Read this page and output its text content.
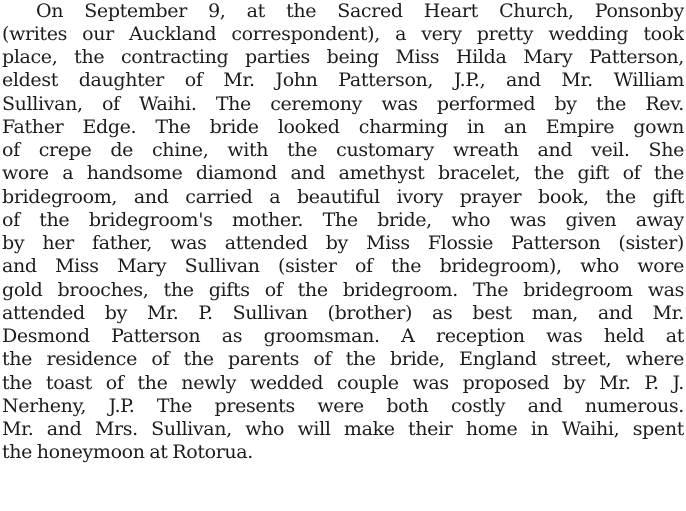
On September 9, at the Sacred Heart Church, Ponsonby
(writes our Auckland correspondent), a very pretty wedding took
place, the contracting parties being Miss Hilda Mary Patterson,
eldest daughter of Mr. John Patterson, J.P., and Mr. William
Sullivan, of Waihi. The ceremony was performed by the Rev.
Father Edge. The bride looked charming in an Empire gown
of crepe de chine, with the customary wreath and veil. She
wore a handsome diamond and amethyst bracelet, the gift of the
bridegroom, and carried a beautiful ivory prayer book, the gift
of the bridegroom's mother. The bride, who was given away
by her father, was attended by Miss Flossie Patterson (sister)
and Miss Mary Sullivan (sister of the bridegroom), who wore
gold brooches, the gifts of the bridegroom. The bridegroom was
attended by Mr. P. Sullivan (brother) as best man, and Mr.
Desmond Patterson as groomsman. A reception was held at
the residence of the parents of the bride, England street, where
the toast of the newly wedded couple was proposed by Mr. P. J.
Nerheny, J.P. The presents were both costly and numerous.
Mr. and Mrs. Sullivan, who will make their home in Waihi, spent
the honeymoon at Rotorua.
